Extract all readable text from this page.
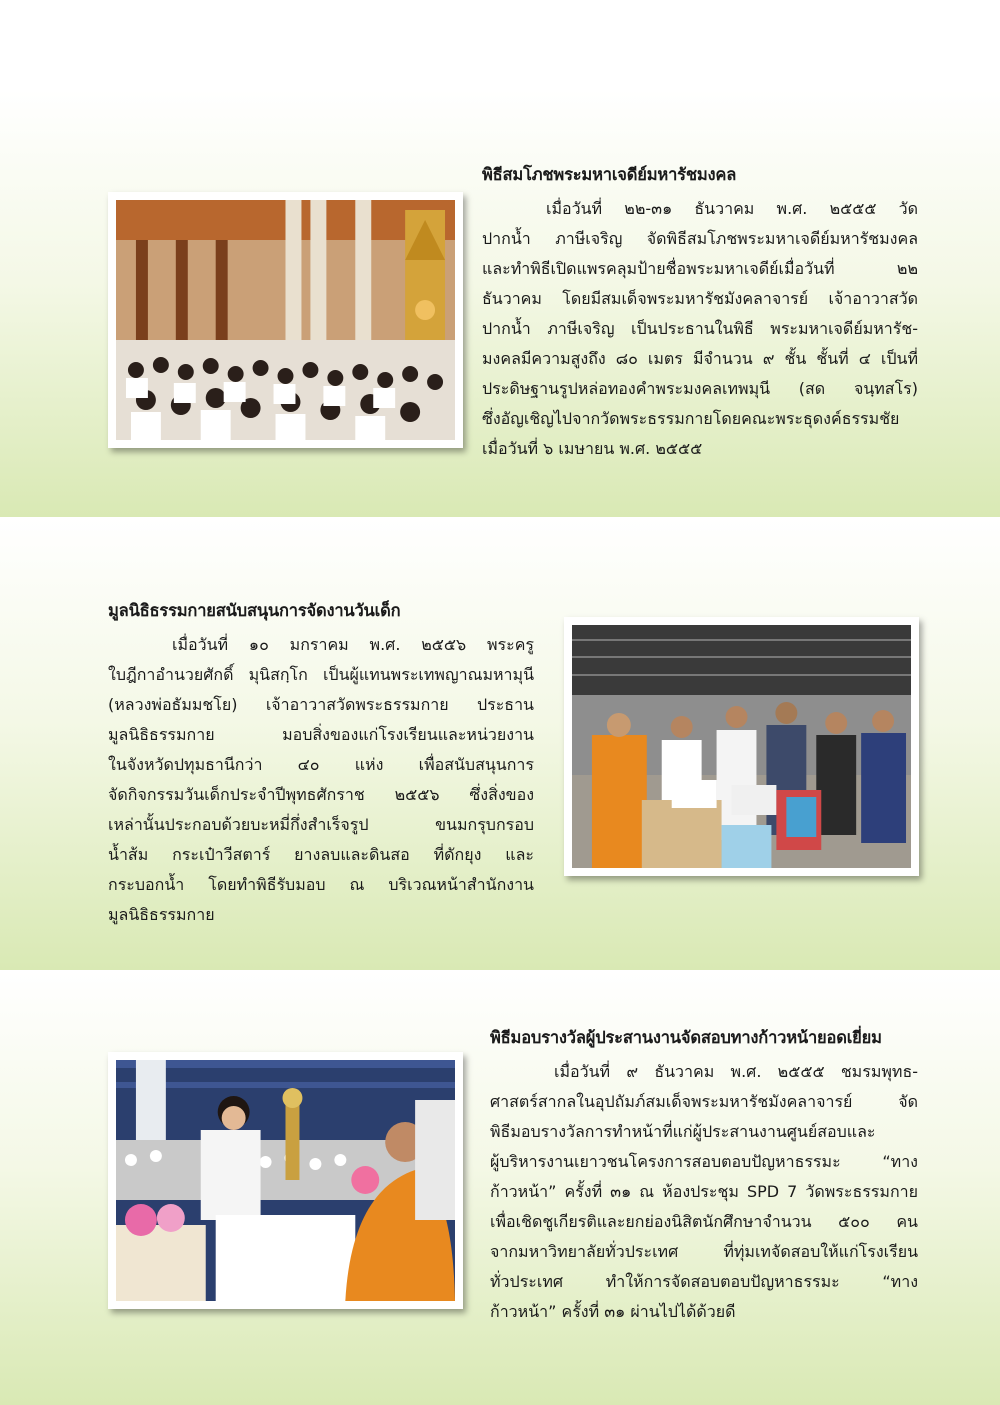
พิธีสมโภชพระมหาเจดีย์มหารัชมงคล

เมื่อวันที่ ๒๒-๓๑ ธันวาคม พ.ศ. ๒๕๕๕ วัด

ปากน้ำ ภาษีเจริญ จัดพิธีสมโภชพระมหาเจดีย์มหารัชมงคล

และทำพิธีเปิดแพรคลุมป้ายชื่อพระมหาเจดีย์เมื่อวันที่ ๒๒

ธันวาคม โดยมีสมเด็จพระมหารัชมังคลาจารย์ เจ้าอาวาสวัด

ปากน้ำ ภาษีเจริญ เป็นประธานในพิธี พระมหาเจดีย์มหารัช-

มงคลมีความสูงถึง ๘๐ เมตร มีจำนวน ๙ ชั้น ชั้นที่ ๔ เป็นที่

ประดิษฐานรูปหล่อทองคำพระมงคลเทพมุนี (สด จนฺทสโร)

ซึ่งอัญเชิญไปจากวัดพระธรรมกายโดยคณะพระธุดงค์ธรรมชัย

เมื่อวันที่ ๖ เมษายน พ.ศ. ๒๕๕๕

มูลนิธิธรรมกายสนับสนุนการจัดงานวันเด็ก

เมื่อวันที่ ๑๐ มกราคม พ.ศ. ๒๕๕๖ พระครู

ใบฎีกาอำนวยศักดิ์ มุนิสกฺโก เป็นผู้แทนพระเทพญาณมหามุนี

(หลวงพ่อธัมมชโย) เจ้าอาวาสวัดพระธรรมกาย ประธาน

มูลนิธิธรรมกาย มอบสิ่งของแก่โรงเรียนและหน่วยงาน

ในจังหวัดปทุมธานีกว่า ๔๐ แห่ง เพื่อสนับสนุนการ

จัดกิจกรรมวันเด็กประจำปีพุทธศักราช ๒๕๕๖ ซึ่งสิ่งของ

เหล่านั้นประกอบด้วยบะหมี่กึ่งสำเร็จรูป ขนมกรุบกรอบ

น้ำส้ม กระเป๋าวีสตาร์ ยางลบและดินสอ ที่ดักยุง และ

กระบอกน้ำ โดยทำพิธีรับมอบ ณ บริเวณหน้าสำนักงาน

มูลนิธิธรรมกาย

พิธีมอบรางวัลผู้ประสานงานจัดสอบทางก้าวหน้ายอดเยี่ยม

เมื่อวันที่ ๙ ธันวาคม พ.ศ. ๒๕๕๕ ชมรมพุทธ-

ศาสตร์สากลในอุปถัมภ์สมเด็จพระมหารัชมังคลาจารย์ จัด

พิธีมอบรางวัลการทำหน้าที่แก่ผู้ประสานงานศูนย์สอบและ

ผู้บริหารงานเยาวชนโครงการสอบตอบปัญหาธรรมะ “ทาง

ก้าวหน้า” ครั้งที่ ๓๑ ณ ห้องประชุม SPD 7 วัดพระธรรมกาย

เพื่อเชิดชูเกียรติและยกย่องนิสิตนักศึกษาจำนวน ๕๐๐ คน

จากมหาวิทยาลัยทั่วประเทศ ที่ทุ่มเทจัดสอบให้แก่โรงเรียน

ทั่วประเทศ ทำให้การจัดสอบตอบปัญหาธรรมะ “ทาง

ก้าวหน้า” ครั้งที่ ๓๑ ผ่านไปได้ด้วยดี
